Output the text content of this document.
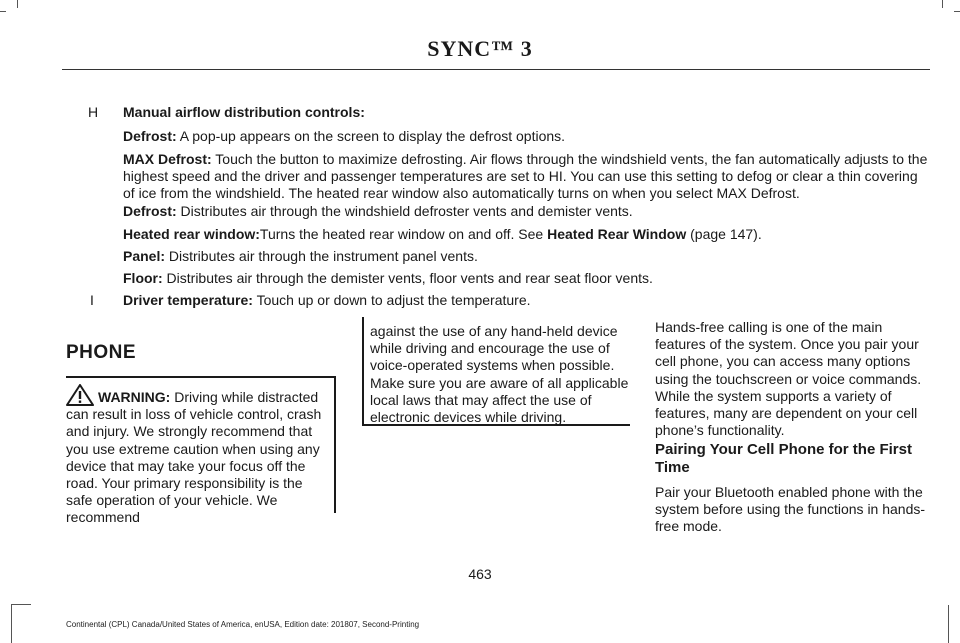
SYNC™ 3
H Manual airflow distribution controls:
Defrost: A pop-up appears on the screen to display the defrost options.
MAX Defrost: Touch the button to maximize defrosting. Air flows through the windshield vents, the fan automatically adjusts to the highest speed and the driver and passenger temperatures are set to HI. You can use this setting to defog or clear a thin covering of ice from the windshield. The heated rear window also automatically turns on when you select MAX Defrost.
Defrost: Distributes air through the windshield defroster vents and demister vents.
Heated rear window:Turns the heated rear window on and off. See Heated Rear Window (page 147).
Panel: Distributes air through the instrument panel vents.
Floor: Distributes air through the demister vents, floor vents and rear seat floor vents.
I Driver temperature: Touch up or down to adjust the temperature.
PHONE

WARNING: Driving while distracted can result in loss of vehicle control, crash and injury. We strongly recommend that you use extreme caution when using any device that may take your focus off the road. Your primary responsibility is the safe operation of your vehicle. We recommend

against the use of any hand-held device while driving and encourage the use of voice-operated systems when possible. Make sure you are aware of all applicable local laws that may affect the use of electronic devices while driving.

Hands-free calling is one of the main features of the system. Once you pair your cell phone, you can access many options using the touchscreen or voice commands. While the system supports a variety of features, many are dependent on your cell phone’s functionality.

Pairing Your Cell Phone for the First Time

Pair your Bluetooth enabled phone with the system before using the functions in hands-free mode.

463
Continental (CPL) Canada/United States of America, enUSA, Edition date: 201807, Second-Printing
